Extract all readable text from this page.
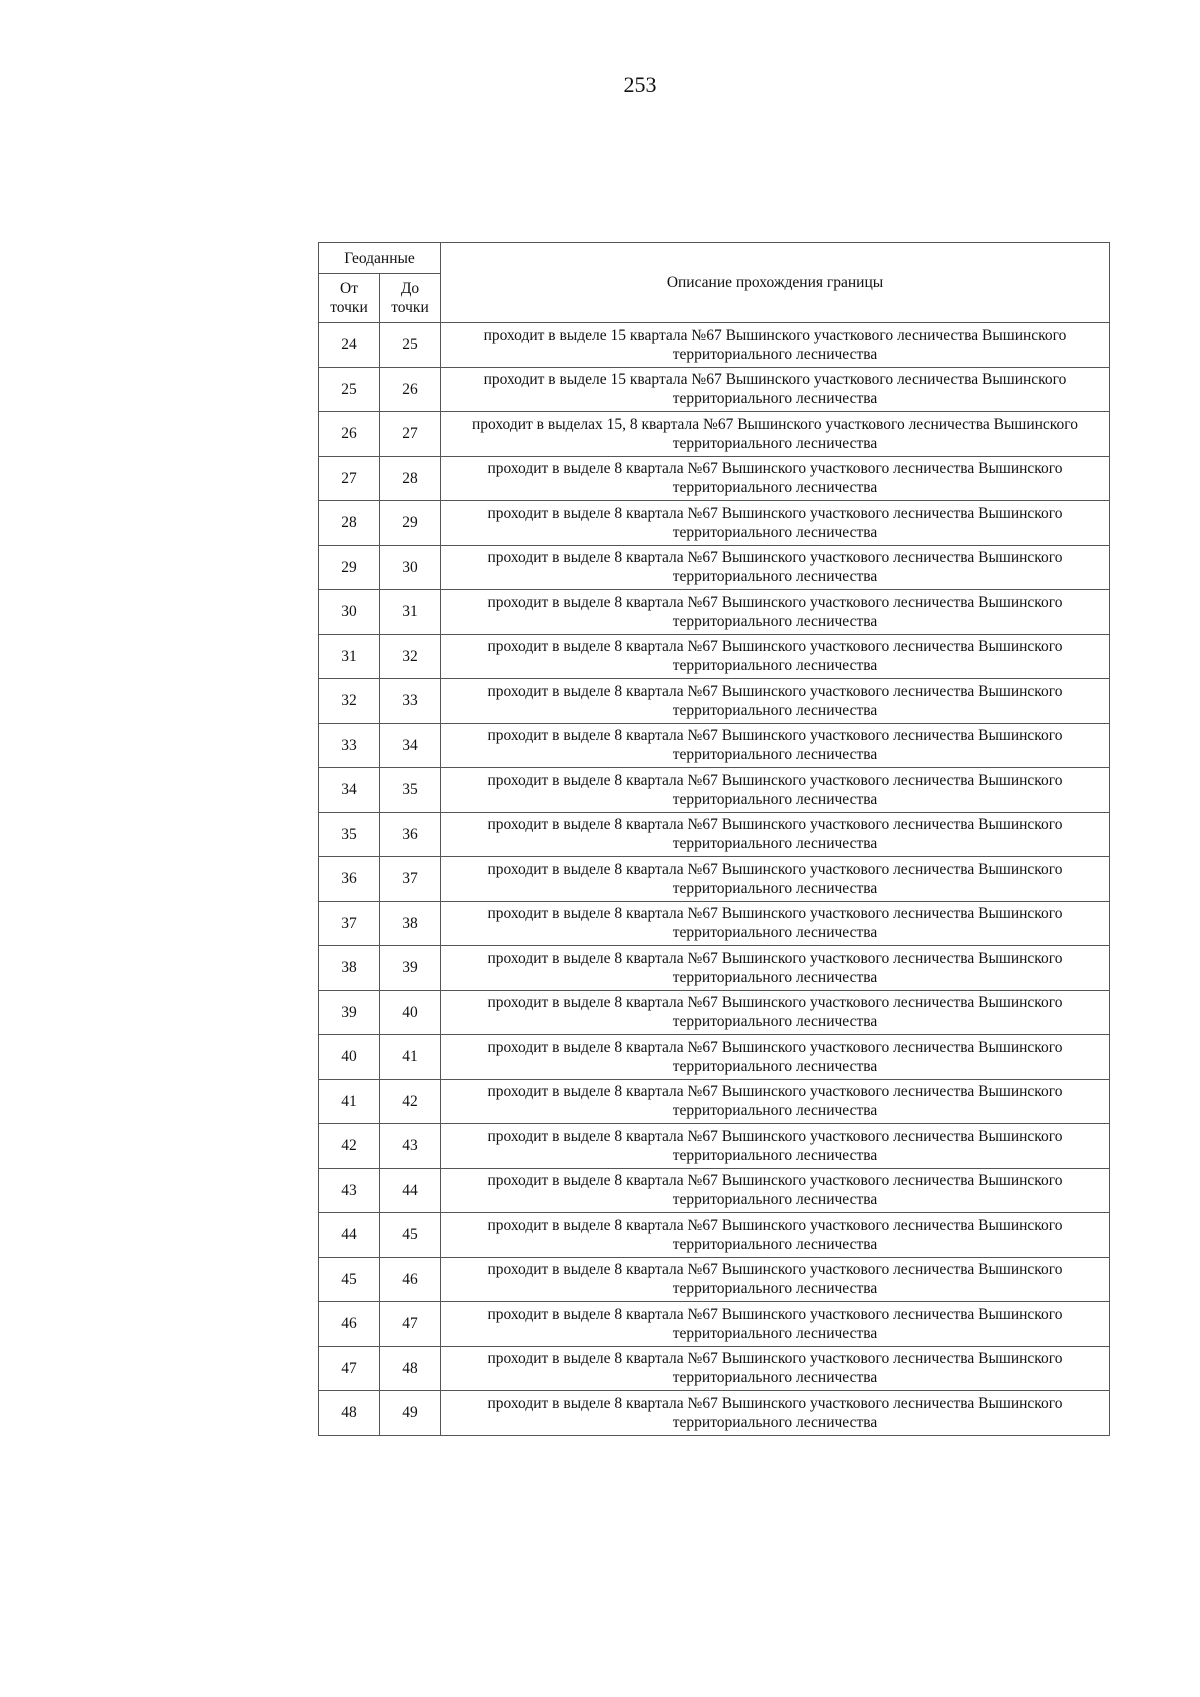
253
Геоданные		Описание прохождения границы
От точки	До точки	
24	25	проходит в выделе 15 квартала №67 Вышинского участкового лесничества Вышинского территориального лесничества
25	26	проходит в выделе 15 квартала №67 Вышинского участкового лесничества Вышинского территориального лесничества
26	27	проходит в выделах 15, 8 квартала №67 Вышинского участкового лесничества Вышинского территориального лесничества
27	28	проходит в выделе 8 квартала №67 Вышинского участкового лесничества Вышинского территориального лесничества
28	29	проходит в выделе 8 квартала №67 Вышинского участкового лесничества Вышинского территориального лесничества
29	30	проходит в выделе 8 квартала №67 Вышинского участкового лесничества Вышинского территориального лесничества
30	31	проходит в выделе 8 квартала №67 Вышинского участкового лесничества Вышинского территориального лесничества
31	32	проходит в выделе 8 квартала №67 Вышинского участкового лесничества Вышинского территориального лесничества
32	33	проходит в выделе 8 квартала №67 Вышинского участкового лесничества Вышинского территориального лесничества
33	34	проходит в выделе 8 квартала №67 Вышинского участкового лесничества Вышинского территориального лесничества
34	35	проходит в выделе 8 квартала №67 Вышинского участкового лесничества Вышинского территориального лесничества
35	36	проходит в выделе 8 квартала №67 Вышинского участкового лесничества Вышинского территориального лесничества
36	37	проходит в выделе 8 квартала №67 Вышинского участкового лесничества Вышинского территориального лесничества
37	38	проходит в выделе 8 квартала №67 Вышинского участкового лесничества Вышинского территориального лесничества
38	39	проходит в выделе 8 квартала №67 Вышинского участкового лесничества Вышинского территориального лесничества
39	40	проходит в выделе 8 квартала №67 Вышинского участкового лесничества Вышинского территориального лесничества
40	41	проходит в выделе 8 квартала №67 Вышинского участкового лесничества Вышинского территориального лесничества
41	42	проходит в выделе 8 квартала №67 Вышинского участкового лесничества Вышинского территориального лесничества
42	43	проходит в выделе 8 квартала №67 Вышинского участкового лесничества Вышинского территориального лесничества
43	44	проходит в выделе 8 квартала №67 Вышинского участкового лесничества Вышинского территориального лесничества
44	45	проходит в выделе 8 квартала №67 Вышинского участкового лесничества Вышинского территориального лесничества
45	46	проходит в выделе 8 квартала №67 Вышинского участкового лесничества Вышинского территориального лесничества
46	47	проходит в выделе 8 квартала №67 Вышинского участкового лесничества Вышинского территориального лесничества
47	48	проходит в выделе 8 квартала №67 Вышинского участкового лесничества Вышинского территориального лесничества
48	49	проходит в выделе 8 квартала №67 Вышинского участкового лесничества Вышинского территориального лесничества
